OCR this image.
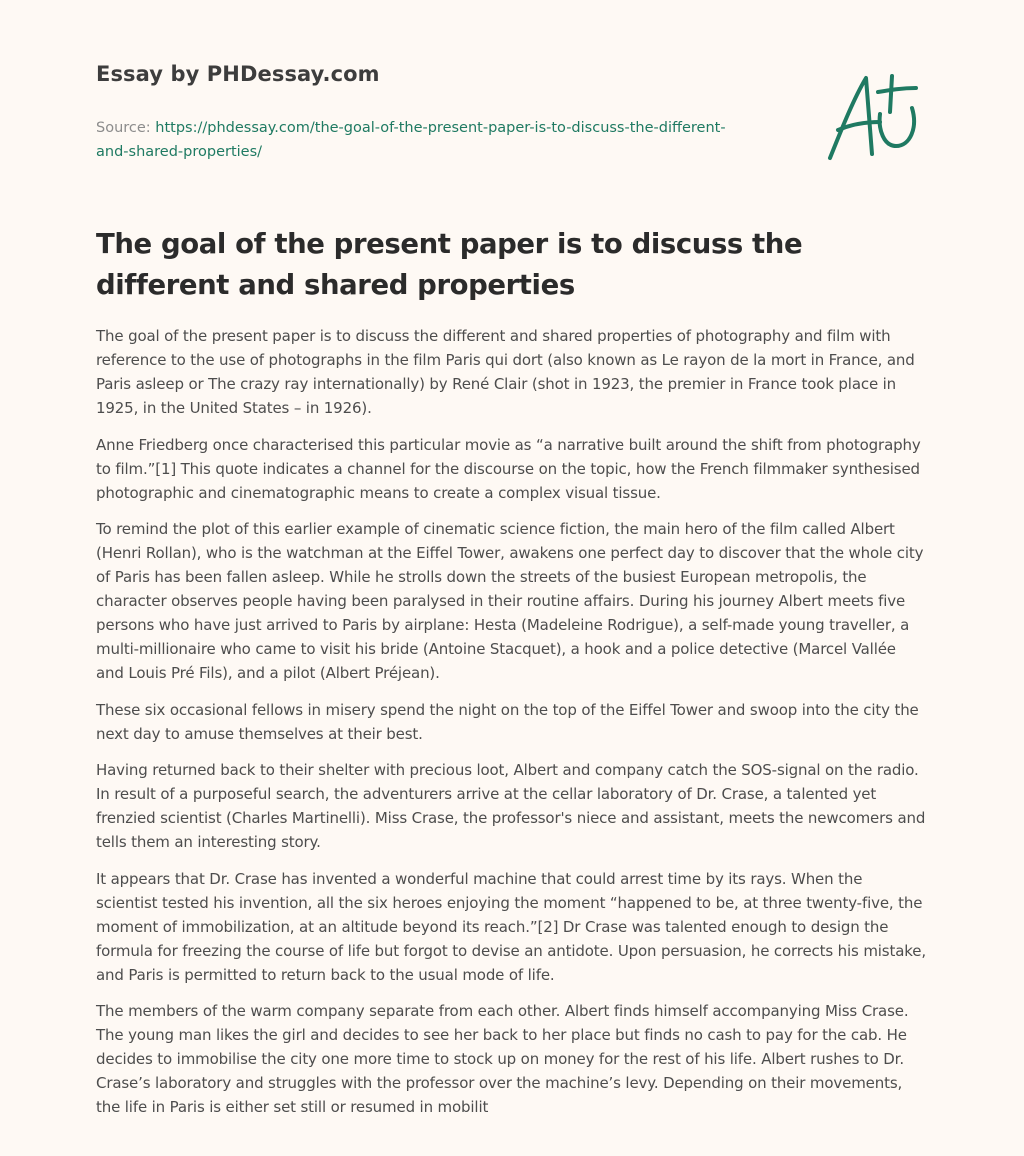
Essay by PHDessay.com
Source: https://phdessay.com/the-goal-of-the-present-paper-is-to-discuss-the-different-
and-shared-properties/
The goal of the present paper is to discuss the different and shared properties

The goal of the present paper is to discuss the different and shared properties of photography and film with reference to the use of photographs in the film Paris qui dort (also known as Le rayon de la mort in France, and Paris asleep or The crazy ray internationally) by René Clair (shot in 1923, the premier in France took place in 1925, in the United States – in 1926).

Anne Friedberg once characterised this particular movie as “a narrative built around the shift from photography to film.”[1] This quote indicates a channel for the discourse on the topic, how the French filmmaker synthesised photographic and cinematographic means to create a complex visual tissue.

To remind the plot of this earlier example of cinematic science fiction, the main hero of the film called Albert (Henri Rollan), who is the watchman at the Eiffel Tower, awakens one perfect day to discover that the whole city of Paris has been fallen asleep. While he strolls down the streets of the busiest European metropolis, the character observes people having been paralysed in their routine affairs. During his journey Albert meets five persons who have just arrived to Paris by airplane: Hesta (Madeleine Rodrigue), a self-made young traveller, a multi-millionaire who came to visit his bride (Antoine Stacquet), a hook and a police detective (Marcel Vallée and Louis Pré Fils), and a pilot (Albert Préjean).

These six occasional fellows in misery spend the night on the top of the Eiffel Tower and swoop into the city the next day to amuse themselves at their best.

Having returned back to their shelter with precious loot, Albert and company catch the SOS-signal on the radio. In result of a purposeful search, the adventurers arrive at the cellar laboratory of Dr. Crase, a talented yet frenzied scientist (Charles Martinelli). Miss Crase, the professor's niece and assistant, meets the newcomers and tells them an interesting story.

It appears that Dr. Crase has invented a wonderful machine that could arrest time by its rays. When the scientist tested his invention, all the six heroes enjoying the moment “happened to be, at three twenty-five, the moment of immobilization, at an altitude beyond its reach.”[2] Dr Crase was talented enough to design the formula for freezing the course of life but forgot to devise an antidote. Upon persuasion, he corrects his mistake, and Paris is permitted to return back to the usual mode of life.

The members of the warm company separate from each other. Albert finds himself accompanying Miss Crase. The young man likes the girl and decides to see her back to her place but finds no cash to pay for the cab. He decides to immobilise the city one more time to stock up on money for the rest of his life. Albert rushes to Dr. Crase’s laboratory and struggles with the professor over the machine’s levy. Depending on their movements, the life in Paris is either set still or resumed in mobilit
